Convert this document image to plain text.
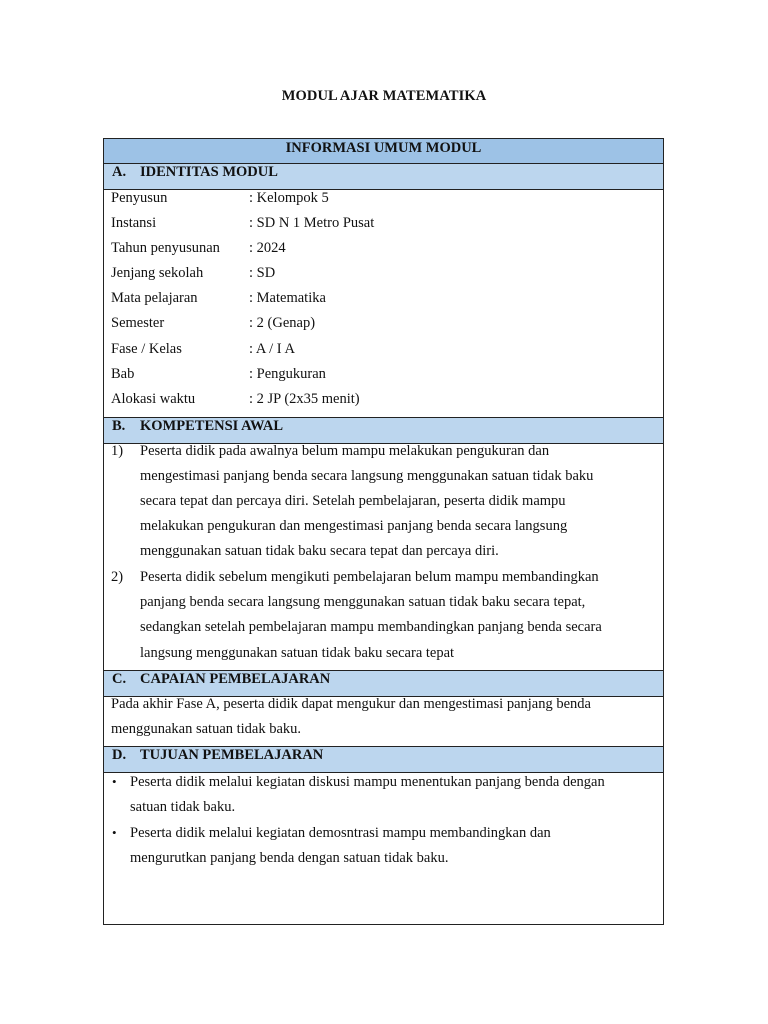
MODUL AJAR MATEMATIKA
INFORMASI UMUM MODUL
A. IDENTITAS MODUL
Penyusun	: Kelompok 5
Instansi	: SD N 1 Metro Pusat
Tahun penyusunan : 2024
Jenjang sekolah	: SD
Mata pelajaran	: Matematika
Semester	: 2 (Genap)
Fase / Kelas	: A / I A
Bab	: Pengukuran
Alokasi waktu	: 2 JP (2x35 menit)
B. KOMPETENSI AWAL
1) Peserta didik pada awalnya belum mampu melakukan pengukuran dan
mengestimasi panjang benda secara langsung menggunakan satuan tidak baku
secara tepat dan percaya diri. Setelah pembelajaran, peserta didik mampu
melakukan pengukuran dan mengestimasi panjang benda secara langsung
menggunakan satuan tidak baku secara tepat dan percaya diri.
2) Peserta didik sebelum mengikuti pembelajaran belum mampu membandingkan
panjang benda secara langsung menggunakan satuan tidak baku secara tepat,
sedangkan setelah pembelajaran mampu membandingkan panjang benda secara
langsung menggunakan satuan tidak baku secara tepat
C. CAPAIAN PEMBELAJARAN
Pada akhir Fase A, peserta didik dapat mengukur dan mengestimasi panjang benda
menggunakan satuan tidak baku.
D. TUJUAN PEMBELAJARAN
• Peserta didik melalui kegiatan diskusi mampu menentukan panjang benda dengan
satuan tidak baku.
• Peserta didik melalui kegiatan demosntrasi mampu membandingkan dan
mengurutkan panjang benda dengan satuan tidak baku.
